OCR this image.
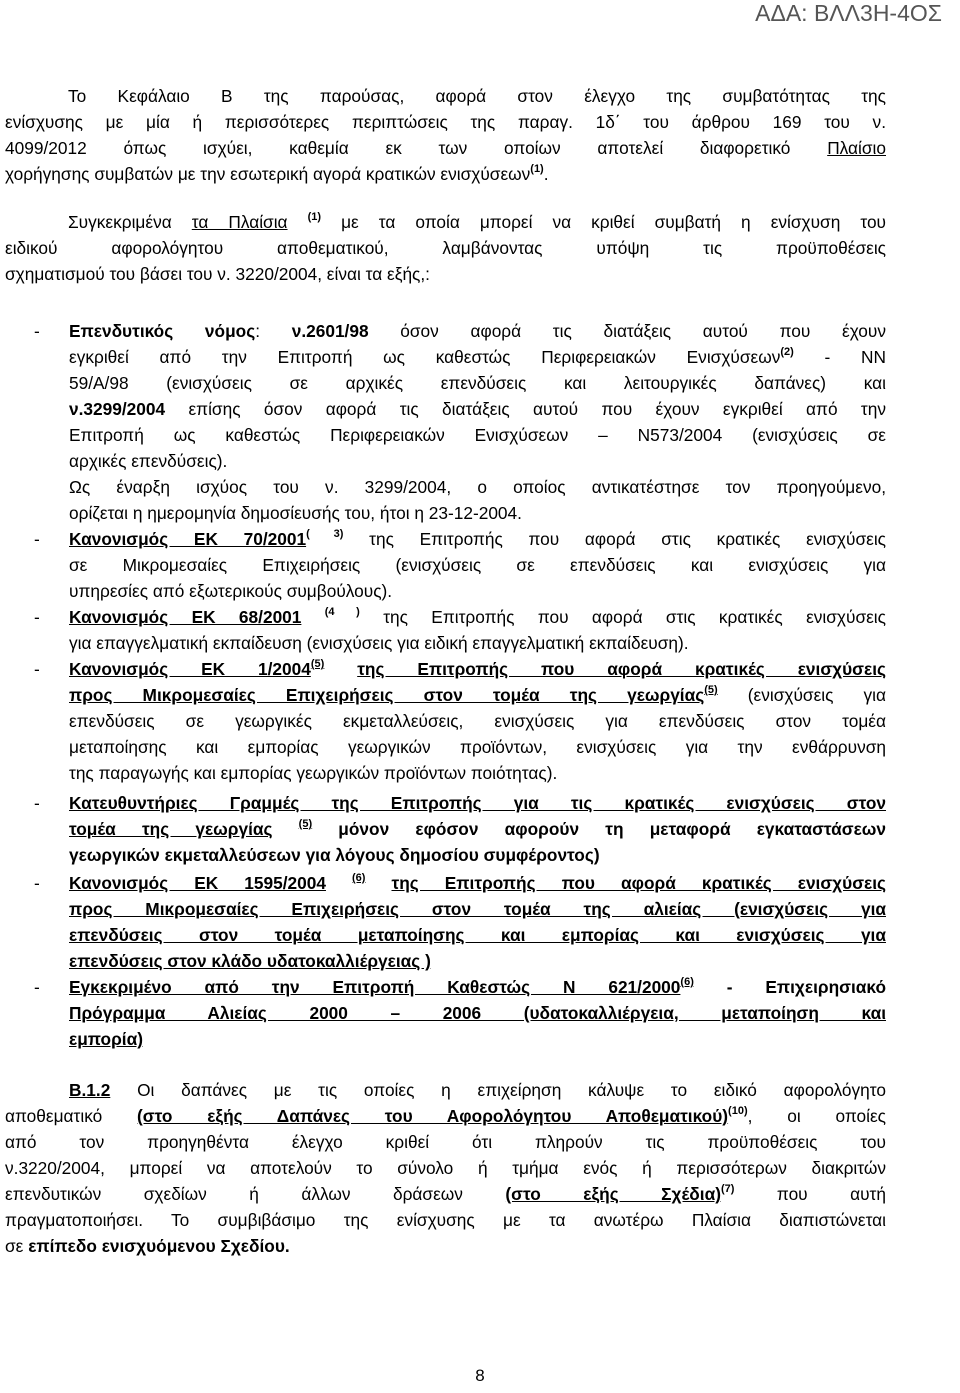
ΑΔΑ: ΒΛΛ3Η-4ΟΣ
Το Κεφάλαιο Β της παρούσας, αφορά στον έλεγχο της συμβατότητας της
ενίσχυσης με μία ή περισσότερες περιπτώσεις της παραγ. 1δ΄ του άρθρου 169 του ν.
4099/2012 όπως ισχύει, καθεμία εκ των οποίων αποτελεί διαφορετικό Πλαίσιο
χορήγησης συμβατών με την εσωτερική αγορά κρατικών ενισχύσεων$^{(1)}$.
Συγκεκριμένα τα Πλαίσια $^{(1)}$ με τα οποία μπορεί να κριθεί συμβατή η ενίσχυση του
ειδικού αφορολόγητου αποθεματικού, λαμβάνοντας υπόψη τις προϋποθέσεις
σχηματισμού του βάσει του ν. 3220/2004, είναι τα εξής,:
- Επενδυτικός νόμος: ν.2601/98 όσον αφορά τις διατάξεις αυτού που έχουν
εγκριθεί από την Επιτροπή ως καθεστώς Περιφερειακών Ενισχύσεων$^{(2)}$ - ΝΝ
59/Α/98 (ενισχύσεις σε αρχικές επενδύσεις και λειτουργικές δαπάνες) και
ν.3299/2004 επίσης όσον αφορά τις διατάξεις αυτού που έχουν εγκριθεί από την
Επιτροπή ως καθεστώς Περιφερειακών Ενισχύσεων – Ν573/2004 (ενισχύσεις σε
αρχικές επενδύσεις).
Ως έναρξη ισχύος του ν. 3299/2004, ο οποίος αντικατέστησε τον προηγούμενο,
ορίζεται η ημερομηνία δημοσίευσής του, ήτοι η 23-12-2004.
- Κανονισμός ΕΚ $70/2001^{( 3)}$ της Επιτροπής που αφορά στις κρατικές ενισχύσεις
σε Μικρομεσαίες Επιχειρήσεις (ενισχύσεις σε επενδύσεις και ενισχύσεις για
υπηρεσίες από εξωτερικούς συμβούλους).
- Κανονισμός ΕΚ 68/2001 $^{(4 )}$ της Επιτροπής που αφορά στις κρατικές ενισχύσεις
για επαγγελματική εκπαίδευση (ενισχύσεις για ειδική επαγγελματική εκπαίδευση).
- Κανονισμός ΕΚ 1/2004$^{(5)}$ της Επιτροπής που αφορά κρατικές ενισχύσεις
προς Μικρομεσαίες Επιχειρήσεις στον τομέα της γεωργίας$^{(5)}$ (ενισχύσεις για
επενδύσεις σε γεωργικές εκμεταλλεύσεις, ενισχύσεις για επενδύσεις στον τομέα
μεταποίησης και εμπορίας γεωργικών προϊόντων, ενισχύσεις για την ενθάρρυνση
της παραγωγής και εμπορίας γεωργικών προϊόντων ποιότητας).
- Κατευθυντήριες Γραμμές της Επιτροπής για τις κρατικές ενισχύσεις στον
τομέα της γεωργίας $^{(5)}$ μόνον εφόσον αφορούν τη μεταφορά εγκαταστάσεων
γεωργικών εκμεταλλεύσεων για λόγους δημοσίου συμφέροντος)
- Κανονισμός ΕΚ 1595/2004 $^{(6)}$ της Επιτροπής που αφορά κρατικές ενισχύσεις
προς Μικρομεσαίες Επιχειρήσεις στον τομέα της αλιείας (ενισχύσεις για
επενδύσεις στον τομέα μεταποίησης και εμπορίας και ενισχύσεις για
επενδύσεις στον κλάδο υδατοκαλλιέργειας )
- Εγκεκριμένο από την Επιτροπή Καθεστώς Ν 621/2000$^{(6)}$ - Επιχειρησιακό
Πρόγραμμα Αλιείας 2000 – 2006 (υδατοκαλλιέργεια, μεταποίηση και
εμπορία)
Β.1.2 Οι δαπάνες με τις οποίες η επιχείρηση κάλυψε το ειδικό αφορολόγητο
αποθεματικό (στο εξής Δαπάνες του Αφορολόγητου Αποθεματικού)$^{(10)}$, οι οποίες
από τον προηγηθέντα έλεγχο κριθεί ότι πληρούν τις προϋποθέσεις του
ν.3220/2004, μπορεί να αποτελούν το σύνολο ή τμήμα ενός ή περισσότερων διακριτών
επενδυτικών σχεδίων ή άλλων δράσεων (στο εξής Σχέδια)$^{(7)}$ που αυτή
πραγματοποιήσει. Το συμβιβάσιμο της ενίσχυσης με τα ανωτέρω Πλαίσια διαπιστώνεται
σε επίπεδο ενισχυόμενου Σχεδίου.
8
